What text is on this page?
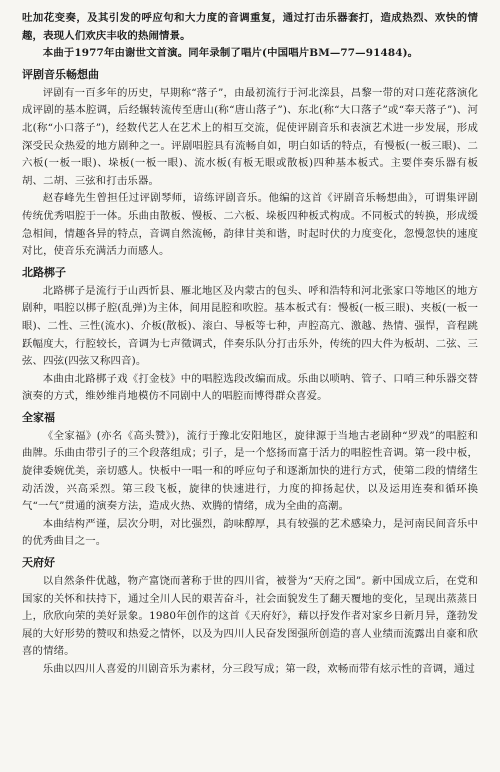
吐加花变奏，及其引发的呼应句和大力度的音调重复，通过打击乐器套打，造成热烈、欢快的情趣，表现人们欢庆丰收的热闹情景。

本曲于1977年由谢世文首演。同年录制了唱片(中国唱片BM—77—91484)。

评剧音乐畅想曲

评剧有一百多年的历史，早期称“落子”，由最初流行于河北滦县，昌黎一带的对口莲花落演化成评剧的基本腔调，后经辗转流传至唐山(称“唐山落子”)、东北(称“大口落子”或“奉天落子”)、河北(称“小口落子”)，经数代艺人在艺术上的相互交流，促使评剧音乐和表演艺术进一步发展，形成深受民众热爱的地方剧种之一。评剧唱腔具有流畅自如，明白如话的特点，有慢板(一板三眼)、二六板(一板一眼)、垛板(一板一眼)、流水板(有板无眼或散板)四种基本板式。主要伴奏乐器有板胡、二胡、三弦和打击乐器。

赵春峰先生曾担任过评剧琴师，谙练评剧音乐。他编的这首《评剧音乐畅想曲》，可谓集评剧传统优秀唱腔于一体。乐曲由散板、慢板、二六板、垛板四种板式构成。不同板式的转换，形成缓急相间，情趣各异的特点，音调自然流畅，韵律甘美和谐，时起时伏的力度变化，忽慢忽快的速度对比，使音乐充满活力而感人。

北路梆子

北路梆子是流行于山西忻县、雁北地区及内蒙古的包头、呼和浩特和河北张家口等地区的地方剧种，唱腔以梆子腔(乱弹)为主体，间用昆腔和吹腔。基本板式有：慢板(一板三眼)、夹板(一板一眼)、二性、三性(流水)、介板(散板)、滚白、导板等七种，声腔高亢、激越、热情、强悍，音程跳跃幅度大，行腔较长，音调为七声徵调式，伴奏乐队分打击乐外，传统的四大件为板胡、二弦、三弦、四弦(四弦又称四音)。

本曲由北路梆子戏《打金枝》中的唱腔选段改编而成。乐曲以唢呐、管子、口哨三种乐器交替演奏的方式，维妙维肖地模仿不同剧中人的唱腔而博得群众喜爱。

全家福

《全家福》(亦名《高头赞》)，流行于豫北安阳地区，旋律源于当地古老剧种“罗戏”的唱腔和曲牌。乐曲由带引子的三个段落组成；引子，是一个悠扬而富于活力的唱腔性音调。第一段中板，旋律委婉优美，亲切感人。快板中一唱一和的呼应句子和逐渐加快的进行方式，使第二段的情绪生动活泼，兴高采烈。第三段飞板，旋律的快速进行，力度的抑扬起伏，以及运用连奏和循环换气“一气”贯通的演奏方法，造成火热、欢腾的情绪，成为全曲的高潮。

本曲结构严谨，层次分明，对比强烈，韵味醇厚，具有较强的艺术感染力，是河南民间音乐中的优秀曲目之一。

天府好

以自然条件优越，物产富饶而著称于世的四川省，被誉为“天府之国”。新中国成立后，在党和国家的关怀和扶持下，通过全川人民的艰苦奋斗，社会面貌发生了翻天覆地的变化，呈现出蒸蒸日上，欣欣向荣的美好景象。1980年创作的这首《天府好》，藉以抒发作者对家乡日新月异，蓬勃发展的大好形势的赞叹和热爱之情怀，以及为四川人民奋发图强所创造的喜人业绩而流露出自豪和欣喜的情绪。

乐曲以四川人喜爱的川剧音乐为素材，分三段写成；第一段，欢畅而带有炫示性的音调，通过
